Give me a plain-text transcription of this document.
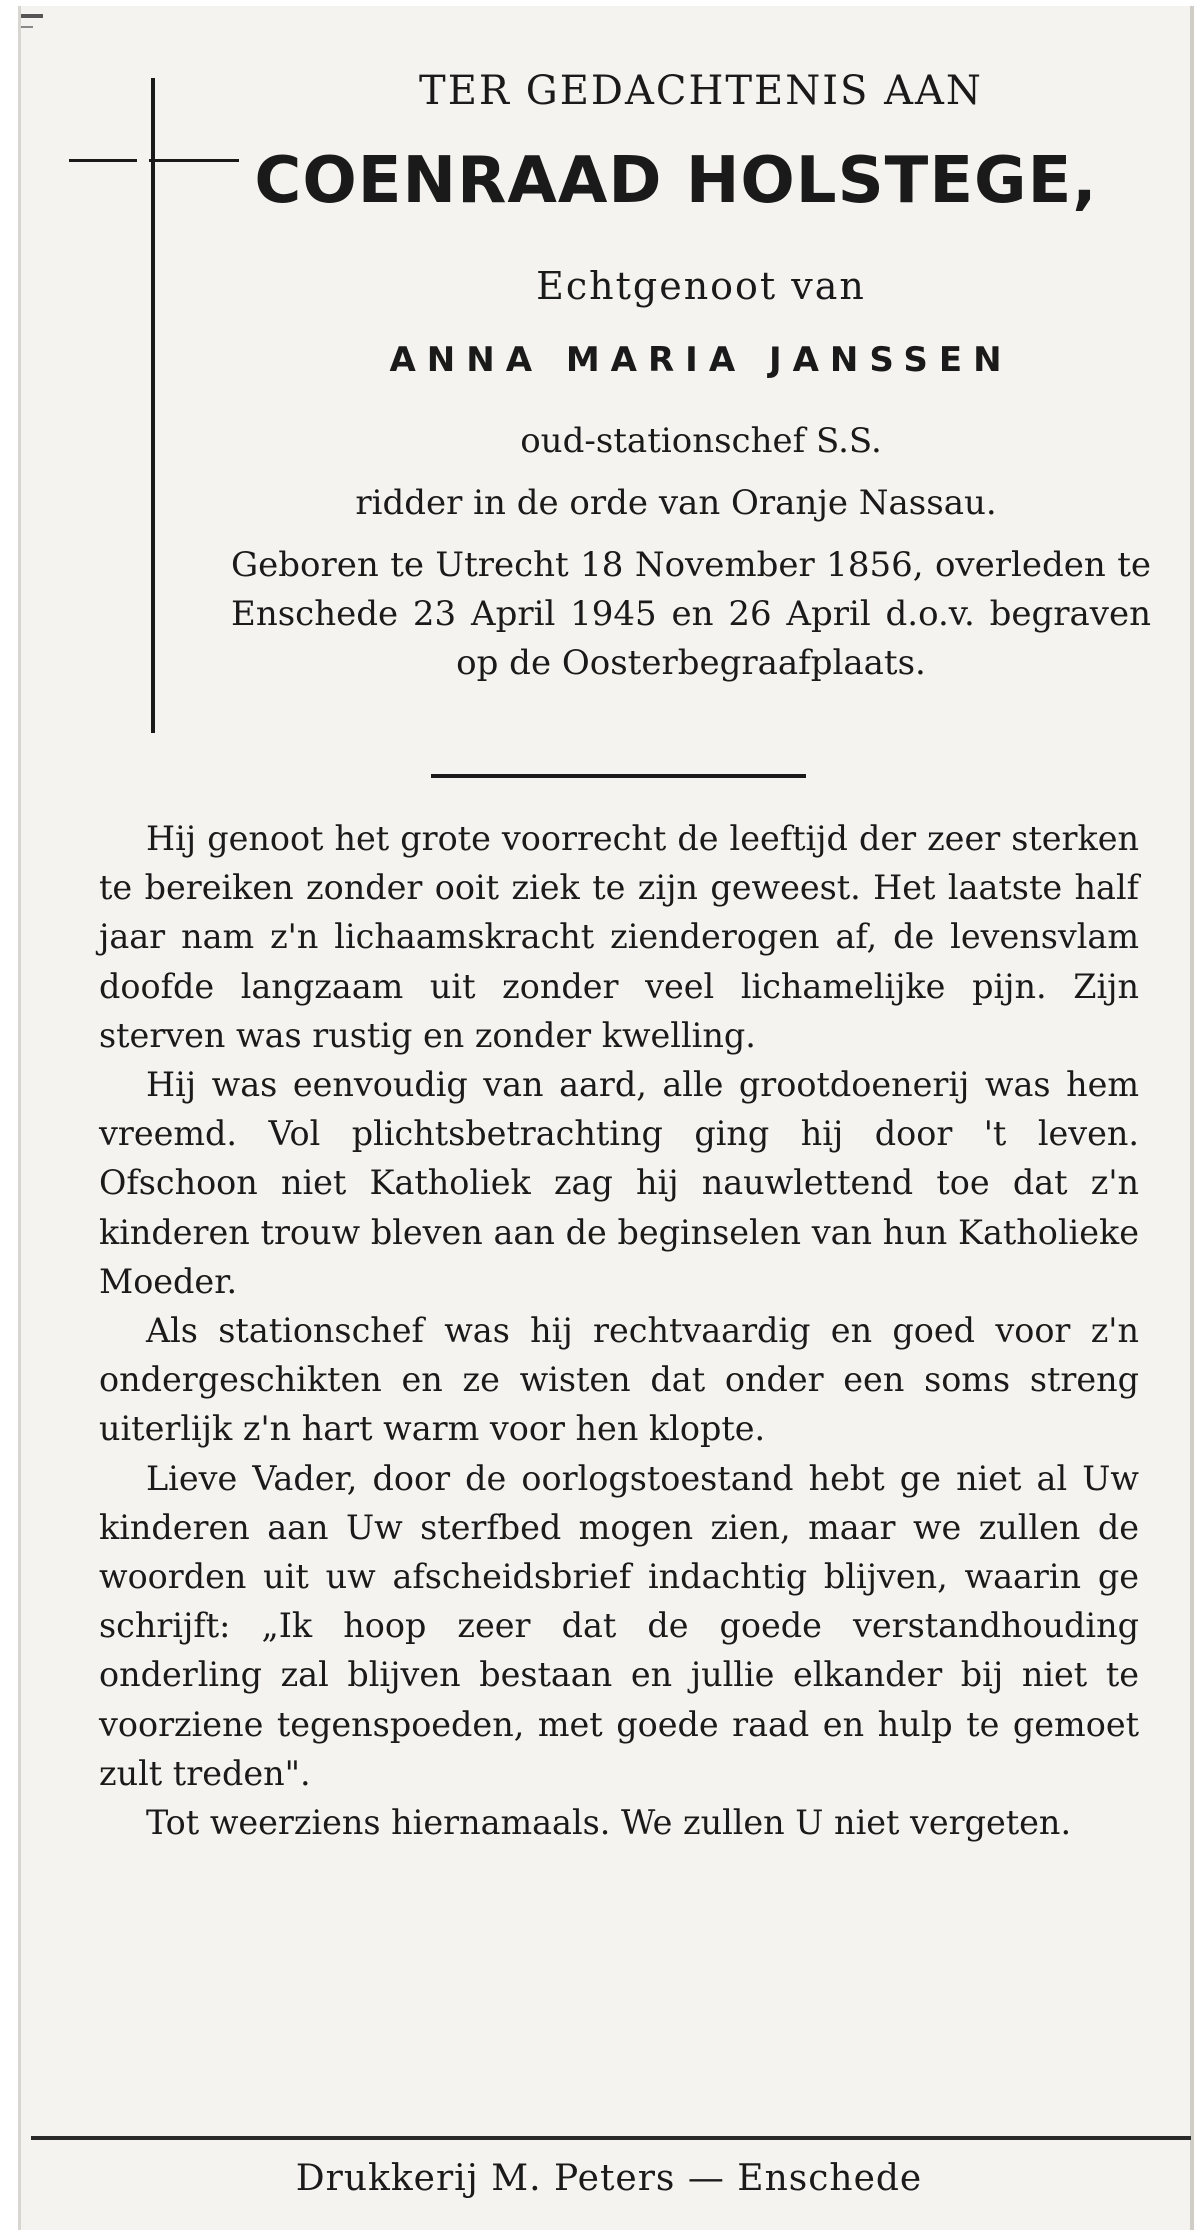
TER GEDACHTENIS AAN
COENRAAD HOLSTEGE,
Echtgenoot van
ANNA MARIA JANSSEN
oud-stationschef S.S.
ridder in de orde van Oranje Nassau.
Geboren te Utrecht 18 November 1856, overleden te Enschede 23 April 1945 en 26 April d.o.v. begraven op de Oosterbegraafplaats.

Hij genoot het grote voorrecht de leeftijd der zeer sterken te bereiken zonder ooit ziek te zijn geweest. Het laatste half jaar nam z'n lichaamskracht zienderogen af, de levensvlam doofde langzaam uit zonder veel lichamelijke pijn. Zijn sterven was rustig en zonder kwelling.

Hij was eenvoudig van aard, alle grootdoenerij was hem vreemd. Vol plichtsbetrachting ging hij door 't leven. Ofschoon niet Katholiek zag hij nauwlettend toe dat z'n kinderen trouw bleven aan de beginselen van hun Katholieke Moeder.

Als stationschef was hij rechtvaardig en goed voor z'n ondergeschikten en ze wisten dat onder een soms streng uiterlijk z'n hart warm voor hen klopte.

Lieve Vader, door de oorlogstoestand hebt ge niet al Uw kinderen aan Uw sterfbed mogen zien, maar we zullen de woorden uit uw afscheidsbrief indachtig blijven, waarin ge schrijft: „Ik hoop zeer dat de goede verstandhouding onderling zal blijven bestaan en jullie elkander bij niet te voorziene tegenspoeden, met goede raad en hulp te gemoet zult treden".

Tot weerziens hiernamaals. We zullen U niet vergeten.

Drukkerij M. Peters — Enschede
